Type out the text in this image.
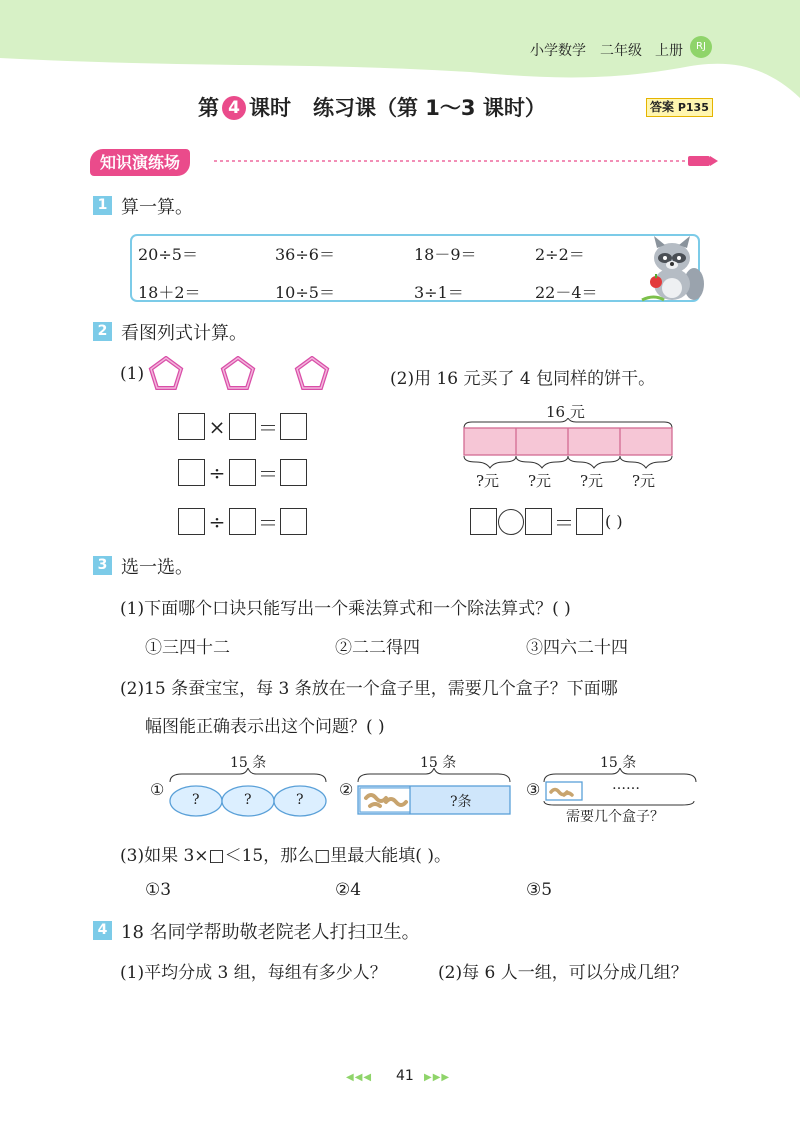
小学数学 二年级 上册	RJ
第 4 课时 练习课（第 1～3 课时）	答案 P135
知识演练场
1 算一算。
20÷5＝	36÷6＝	18－9＝	2÷2＝
18＋2＝	10÷5＝	3÷1＝	22－4＝
2 看图列式计算。
(1)
× ＝
÷ ＝
÷ ＝
(2)用 16 元买了 4 包同样的饼干。
16 元
?元 ?元 ?元 ?元
＝ ( )
3 选一选。
(1)下面哪个口诀只能写出一个乘法算式和一个除法算式？( )
①三四十二	②二二得四	③四六二十四
(2)15 条蚕宝宝，每 3 条放在一个盒子里，需要几个盒子？下面哪
幅图能正确表示出这个问题？( )
①
15 条
?	?	?
②
15 条
?条
③
15 条
……
需要几个盒子？
(3)如果 3×□＜15，那么□里最大能填( )。
①3	②4	③5
4 18 名同学帮助敬老院老人打扫卫生。
(1)平均分成 3 组，每组有多少人？	(2)每 6 人一组，可以分成几组？
◀◀◀ 41 ▶▶▶
